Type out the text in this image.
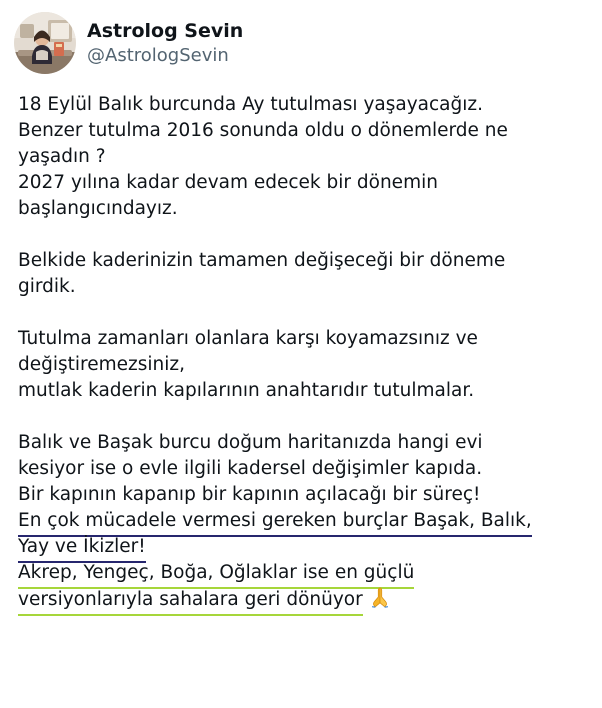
Astrolog Sevin
@AstrologSevin
18 Eylül Balık burcunda Ay tutulması yaşayacağız.
Benzer tutulma 2016 sonunda oldu o dönemlerde ne
yaşadın ?
2027 yılına kadar devam edecek bir dönemin
başlangıcındayız.
Belkide kaderinizin tamamen değişeceği bir döneme
girdik.
Tutulma zamanları olanlara karşı koyamazsınız ve
değiştiremezsiniz,
mutlak kaderin kapılarının anahtarıdır tutulmalar.
Balık ve Başak burcu doğum haritanızda hangi evi
kesiyor ise o evle ilgili kadersel değişimler kapıda.
Bir kapının kapanıp bir kapının açılacağı bir süreç!
En çok mücadele vermesi gereken burçlar Başak, Balık,
Yay ve İkizler!
Akrep, Yengeç, Boğa, Oğlaklar ise en güçlü
versiyonlarıyla sahalara geri dönüyor
